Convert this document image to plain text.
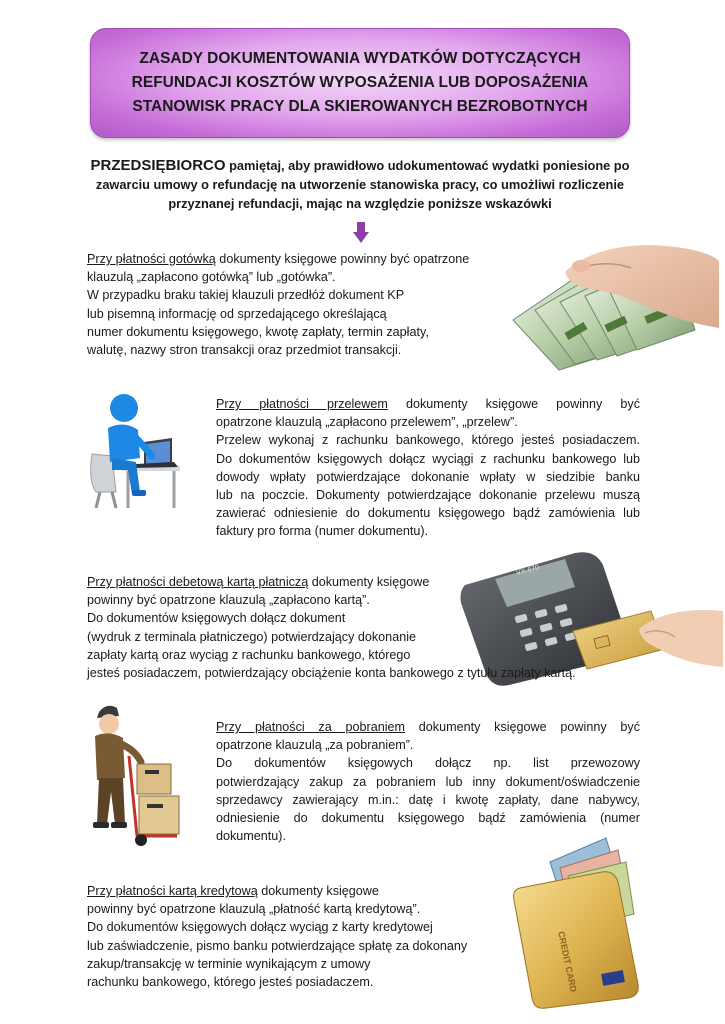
ZASADY DOKUMENTOWANIA WYDATKÓW DOTYCZĄCYCH
REFUNDACJI KOSZTÓW WYPOSAŻENIA LUB DOPOSAŻENIA
STANOWISK PRACY DLA SKIEROWANYCH BEZROBOTNYCH
PRZEDSIĘBIORCO pamiętaj, aby prawidłowo udokumentować wydatki poniesione po
zawarciu umowy o refundację na utworzenie stanowiska pracy, co umożliwi rozliczenie
przyznanej refundacji, mając na względzie poniższe wskazówki
Przy płatności gotówką dokumenty księgowe powinny być opatrzone
klauzulą „zapłacono gotówką” lub „gotówka”.
W przypadku braku takiej klauzuli przedłóż dokument KP
lub pisemną informację od sprzedającego określającą
numer dokumentu księgowego, kwotę zapłaty, termin zapłaty,
walutę, nazwy stron transakcji oraz przedmiot transakcji.
Przy płatności przelewem dokumenty księgowe powinny być
opatrzone klauzulą „zapłacono przelewem”, „przelew”.
Przelew wykonaj z rachunku bankowego, którego jesteś posiadaczem.
Do dokumentów księgowych dołącz wyciągi z rachunku bankowego lub
dowody wpłaty potwierdzające dokonanie wpłaty w siedzibie banku
lub na poczcie. Dokumenty potwierdzające dokonanie przelewu muszą
zawierać odniesienie do dokumentu księgowego bądź zamówienia lub
faktury pro forma (numer dokumentu).
VX-670
Przy płatności debetową kartą płatniczą dokumenty księgowe
powinny być opatrzone klauzulą „zapłacono kartą”.
Do dokumentów księgowych dołącz dokument
(wydruk z terminala płatniczego) potwierdzający dokonanie
zapłaty kartą oraz wyciąg z rachunku bankowego, którego
jesteś posiadaczem, potwierdzający obciążenie konta bankowego z tytułu zapłaty kartą.
Przy płatności za pobraniem dokumenty księgowe powinny być
opatrzone klauzulą „za pobraniem”.
Do dokumentów księgowych dołącz np. list przewozowy
potwierdzający zakup za pobraniem lub inny dokument/oświadczenie
sprzedawcy zawierający m.in.: datę i kwotę zapłaty, dane nabywcy,
odniesienie do dokumentu księgowego bądź zamówienia (numer
dokumentu).
CREDIT CARD
Przy płatności kartą kredytową dokumenty księgowe
powinny być opatrzone klauzulą „płatność kartą kredytową”.
Do dokumentów księgowych dołącz wyciąg z karty kredytowej
lub zaświadczenie, pismo banku potwierdzające spłatę za dokonany
zakup/transakcję w terminie wynikającym z umowy
rachunku bankowego, którego jesteś posiadaczem.
